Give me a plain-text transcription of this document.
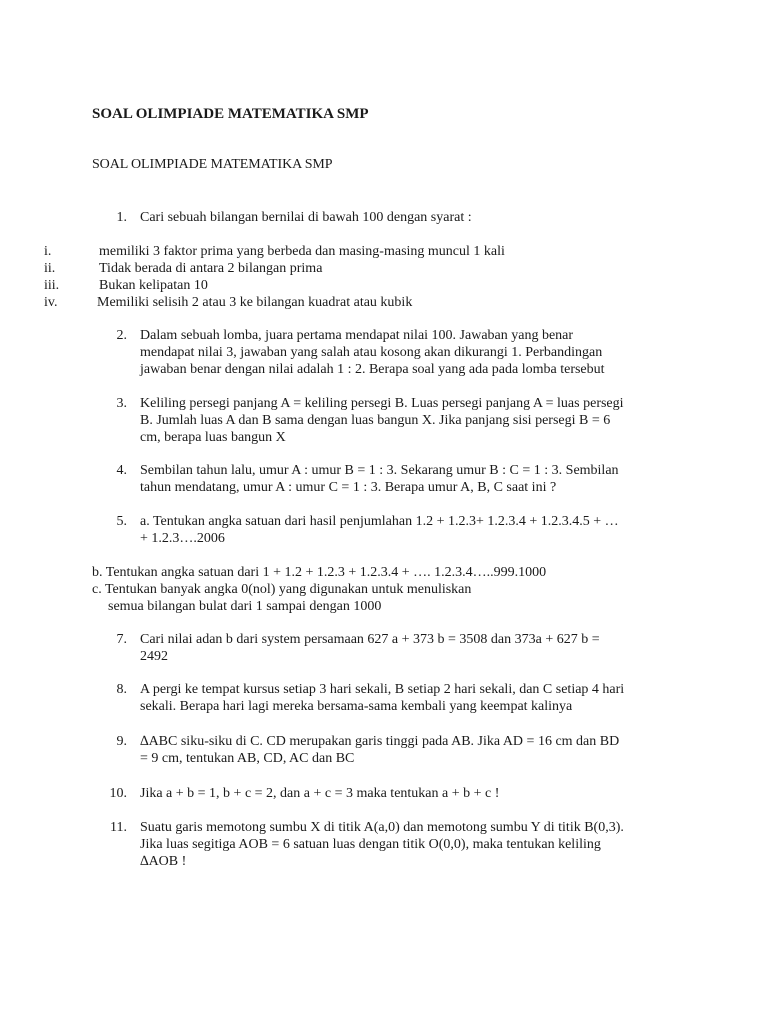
SOAL OLIMPIADE MATEMATIKA SMP
SOAL OLIMPIADE MATEMATIKA SMP
1. Cari sebuah bilangan bernilai di bawah 100 dengan syarat :
i.	memiliki 3 faktor prima yang berbeda dan masing-masing muncul 1 kali
ii.	Tidak berada di antara 2 bilangan prima
iii.	Bukan kelipatan 10
iv.	Memiliki selisih 2 atau 3 ke bilangan kuadrat atau kubik
2. Dalam sebuah lomba, juara pertama mendapat nilai 100. Jawaban yang benar
mendapat nilai 3, jawaban yang salah atau kosong akan dikurangi 1. Perbandingan
jawaban benar dengan nilai adalah 1 : 2. Berapa soal yang ada pada lomba tersebut
3. Keliling persegi panjang A = keliling persegi B. Luas persegi panjang A = luas persegi
B. Jumlah luas A dan B sama dengan luas bangun X. Jika panjang sisi persegi B = 6
cm, berapa luas bangun X
4. Sembilan tahun lalu, umur A : umur B = 1 : 3. Sekarang umur B : C = 1 : 3. Sembilan
tahun mendatang, umur A : umur C = 1 : 3. Berapa umur A, B, C saat ini ?
5. a. Tentukan angka satuan dari hasil penjumlahan 1.2 + 1.2.3+ 1.2.3.4 + 1.2.3.4.5 + …
+ 1.2.3….2006
b. Tentukan angka satuan dari 1 + 1.2 + 1.2.3 + 1.2.3.4 + …. 1.2.3.4…..999.1000
c. Tentukan banyak angka 0(nol) yang digunakan untuk menuliskan
semua bilangan bulat dari 1 sampai dengan 1000
7. Cari nilai adan b dari system persamaan 627 a + 373 b = 3508 dan 373a + 627 b =
2492
8. A pergi ke tempat kursus setiap 3 hari sekali, B setiap 2 hari sekali, dan C setiap 4 hari
sekali. Berapa hari lagi mereka bersama-sama kembali yang keempat kalinya
9. ∆ABC siku-siku di C. CD merupakan garis tinggi pada AB. Jika AD = 16 cm dan BD
= 9 cm, tentukan AB, CD, AC dan BC
10. Jika a + b = 1, b + c = 2, dan a + c = 3 maka tentukan a + b + c !
11. Suatu garis memotong sumbu X di titik A(a,0) dan memotong sumbu Y di titik B(0,3).
Jika luas segitiga AOB = 6 satuan luas dengan titik O(0,0), maka tentukan keliling
∆AOB !
